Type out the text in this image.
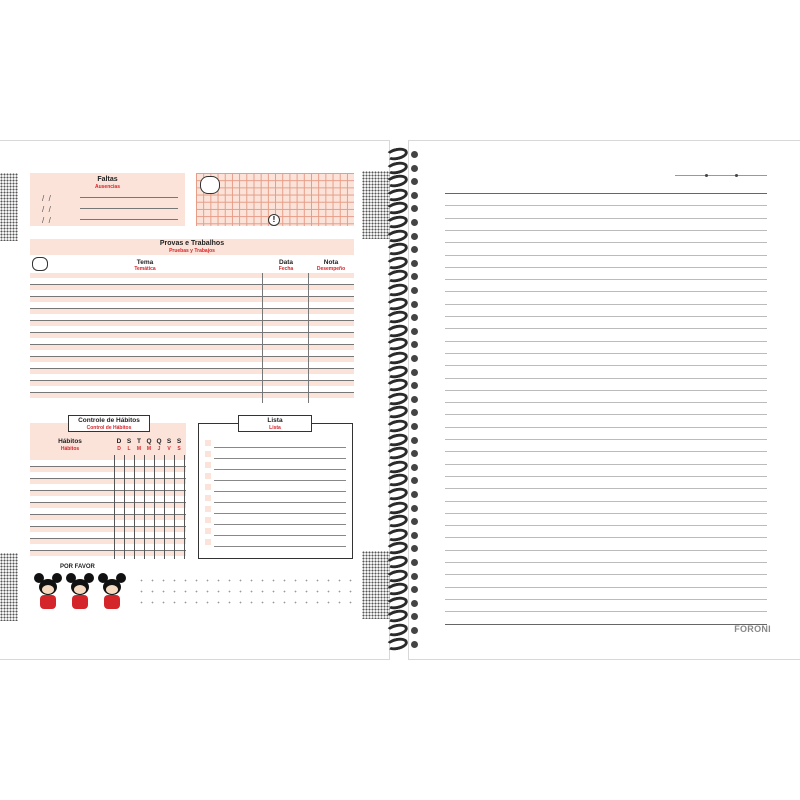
Faltas
Ausencias
/  /
/  /
/  /	!
Provas e Trabalhos
Pruebas y Trabajos
Tema
Temática
Data
Fecha
Nota
Desempeño
Controle de Hábitos
Control de Hábitos
Hábitos
Hábitos
D
D
S
L
T
M
Q
M
Q
J
S
V
S
S
Lista
Lista
POR FAVOR
FORONI
